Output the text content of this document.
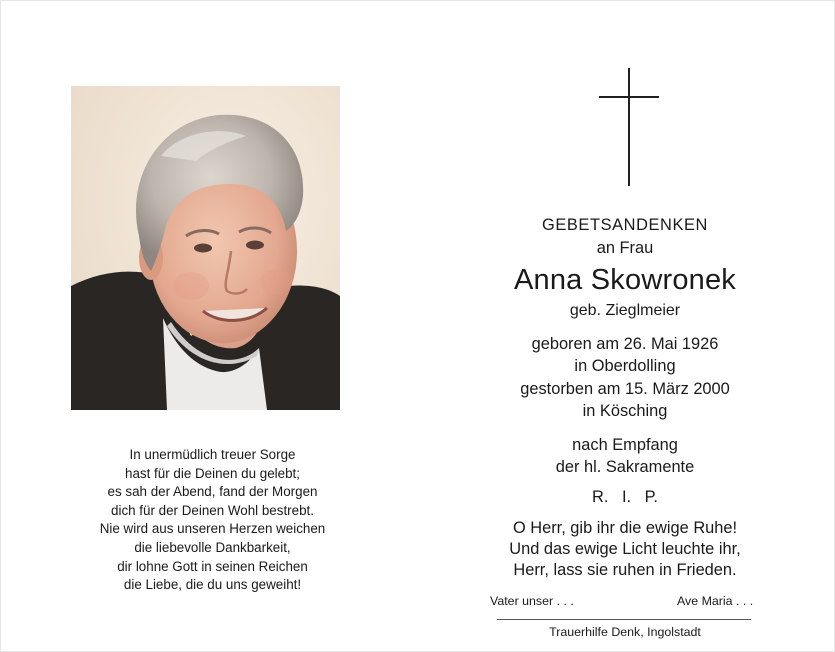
In unermüdlich treuer Sorge
hast für die Deinen du gelebt;
es sah der Abend, fand der Morgen
dich für der Deinen Wohl bestrebt.
Nie wird aus unseren Herzen weichen
die liebevolle Dankbarkeit,
dir lohne Gott in seinen Reichen
die Liebe, die du uns geweiht!
GEBETSANDENKEN
an Frau
Anna Skowronek
geb. Zieglmeier
geboren am 26. Mai 1926
in Oberdolling
gestorben am 15. März 2000
in Kösching
nach Empfang
der hl. Sakramente
R. I. P.
O Herr, gib ihr die ewige Ruhe!
Und das ewige Licht leuchte ihr,
Herr, lass sie ruhen in Frieden.
Vater unser . . .	Ave Maria . . .
Trauerhilfe Denk, Ingolstadt
